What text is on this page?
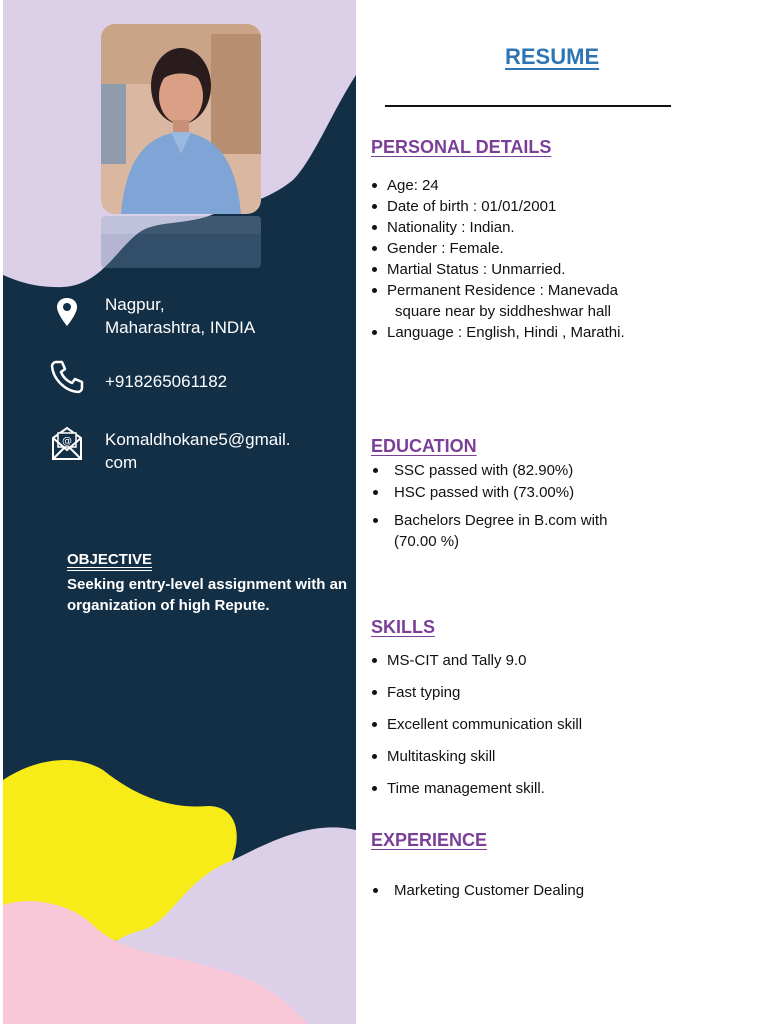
Nagpur,
Maharashtra, INDIA
+918265061182
@ Komaldhokane5@gmail.
com
OBJECTIVE
Seeking entry-level assignment with an organization of high Repute.
RESUME
PERSONAL DETAILS
Age: 24
Date of birth : 01/01/2001
Nationality : Indian.
Gender : Female.
Martial Status : Unmarried.
Permanent Residence : Manevada
square near by siddheshwar hall
Language : English, Hindi , Marathi.
EDUCATION
SSC passed with (82.90%)
HSC passed with (73.00%)
Bachelors Degree in B.com with
(70.00 %)
SKILLS
MS-CIT and Tally 9.0
Fast typing
Excellent communication skill
Multitasking skill
Time management skill.
EXPERIENCE
Marketing Customer Dealing
